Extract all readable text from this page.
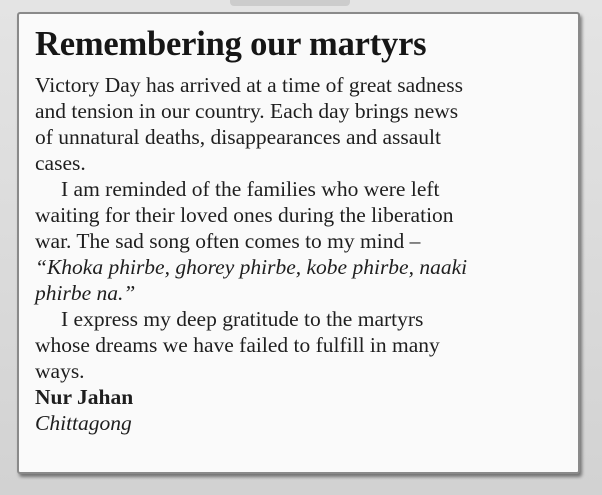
Remembering our martyrs
Victory Day has arrived at a time of great sadness
and tension in our country. Each day brings news
of unnatural deaths, disappearances and assault
cases.
I am reminded of the families who were left
waiting for their loved ones during the liberation
war. The sad song often comes to my mind –
“Khoka phirbe, ghorey phirbe, kobe phirbe, naaki
phirbe na.”
I express my deep gratitude to the martyrs
whose dreams we have failed to fulfill in many
ways.
Nur Jahan
Chittagong
